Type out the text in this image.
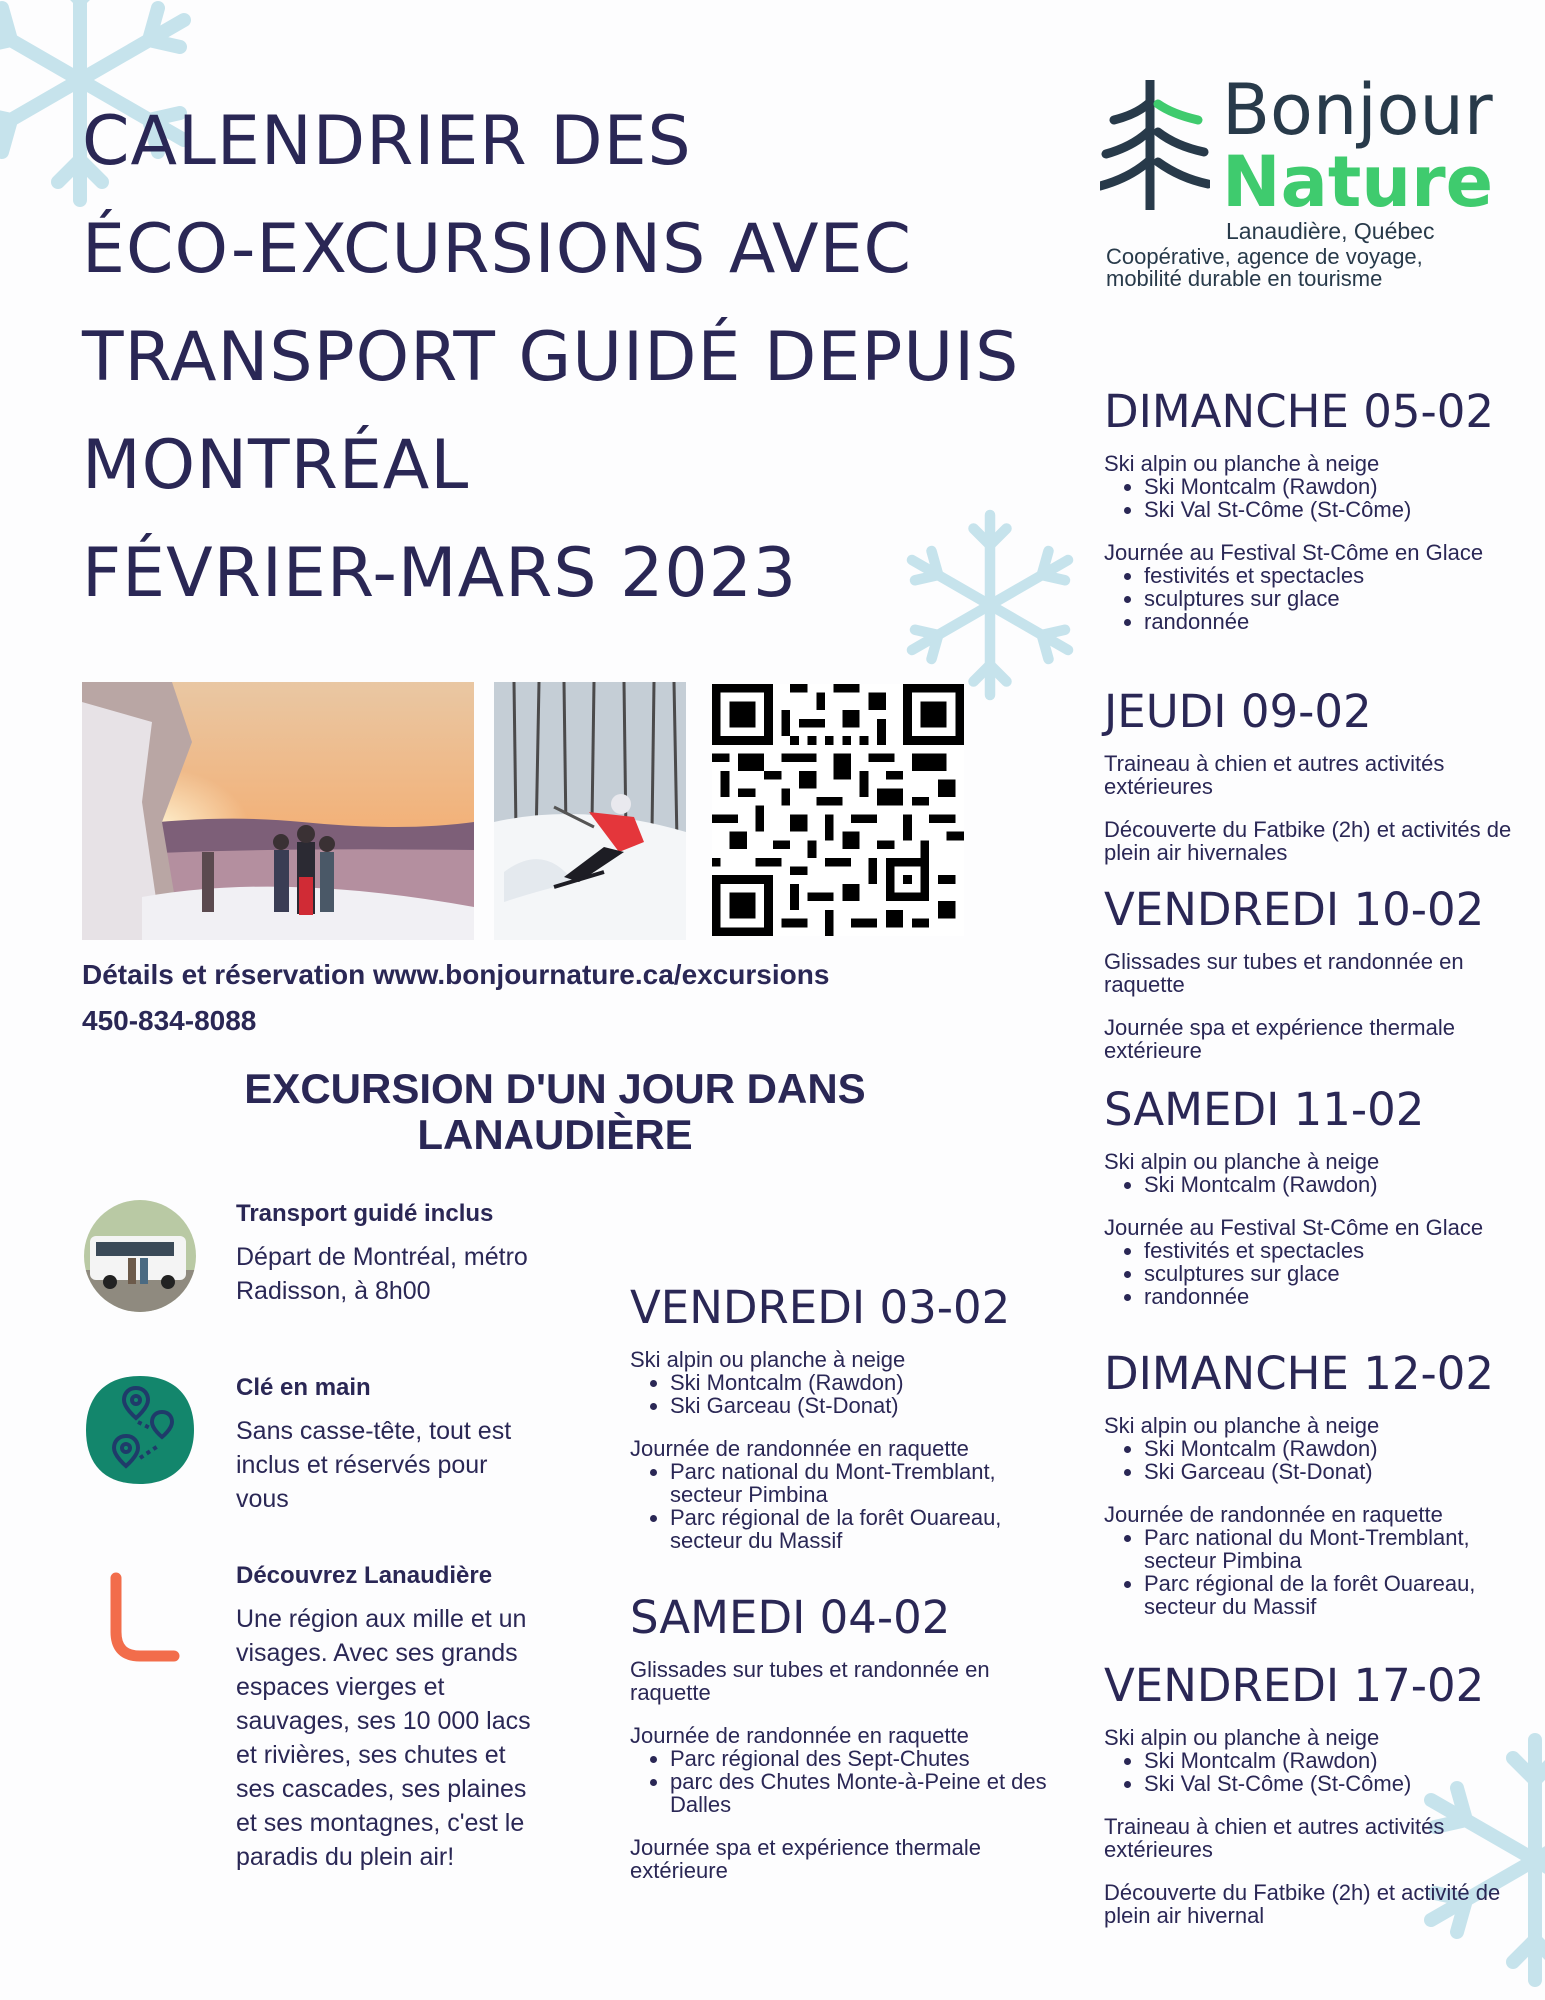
CALENDRIER DES
ÉCO-EXCURSIONS AVEC
TRANSPORT GUIDÉ DEPUIS
MONTRÉAL
FÉVRIER-MARS 2023
Bonjour
Nature
Lanaudière, Québec
Coopérative, agence de voyage,
mobilité durable en tourisme
Détails et réservation www.bonjournature.ca/excursions
450-834-8088
EXCURSION D'UN JOUR DANS LANAUDIÈRE
Transport guidé inclus
Départ de Montréal, métro Radisson, à 8h00
Clé en main
Sans casse-tête, tout est inclus et réservés pour vous
Découvrez Lanaudière
Une région aux mille et un visages. Avec ses grands espaces vierges et sauvages, ses 10 000 lacs et rivières, ses chutes et ses cascades, ses plaines et ses montagnes, c'est le paradis du plein air!
VENDREDI 03-02
Ski alpin ou planche à neige
• Ski Montcalm (Rawdon)
• Ski Garceau (St-Donat)
Journée de randonnée en raquette
• Parc national du Mont-Tremblant, secteur Pimbina
• Parc régional de la forêt Ouareau, secteur du Massif
SAMEDI 04-02
Glissades sur tubes et randonnée en raquette
Journée de randonnée en raquette
• Parc régional des Sept-Chutes
• parc des Chutes Monte-à-Peine et des Dalles
Journée spa et expérience thermale extérieure
DIMANCHE 05-02
Ski alpin ou planche à neige
• Ski Montcalm (Rawdon)
• Ski Val St-Côme (St-Côme)
Journée au Festival St-Côme en Glace
• festivités et spectacles
• sculptures sur glace
• randonnée
JEUDI 09-02
Traineau à chien et autres activités extérieures
Découverte du Fatbike (2h) et activités de plein air hivernales
VENDREDI 10-02
Glissades sur tubes et randonnée en raquette
Journée spa et expérience thermale extérieure
SAMEDI 11-02
Ski alpin ou planche à neige
• Ski Montcalm (Rawdon)
Journée au Festival St-Côme en Glace
• festivités et spectacles
• sculptures sur glace
• randonnée
DIMANCHE 12-02
Ski alpin ou planche à neige
• Ski Montcalm (Rawdon)
• Ski Garceau (St-Donat)
Journée de randonnée en raquette
• Parc national du Mont-Tremblant, secteur Pimbina
• Parc régional de la forêt Ouareau, secteur du Massif
VENDREDI 17-02
Ski alpin ou planche à neige
• Ski Montcalm (Rawdon)
• Ski Val St-Côme (St-Côme)
Traineau à chien et autres activités extérieures
Découverte du Fatbike (2h) et activité de plein air hivernal
